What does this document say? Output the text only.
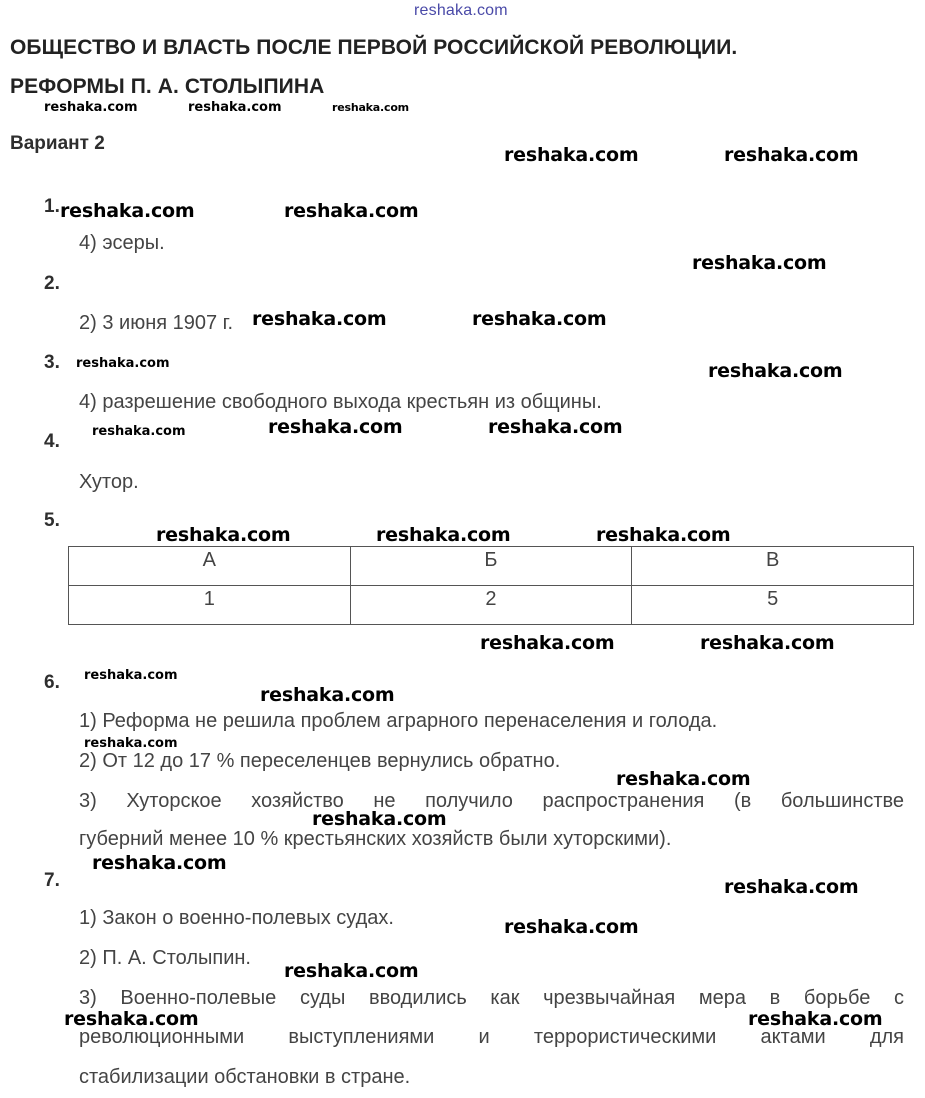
reshaka.com
ОБЩЕСТВО И ВЛАСТЬ ПОСЛЕ ПЕРВОЙ РОССИЙСКОЙ РЕВОЛЮЦИИ.
РЕФОРМЫ П. А. СТОЛЫПИНА
Вариант 2
1.
4) эсеры.
2.
2) 3 июня 1907 г.
3.
4) разрешение свободного выхода крестьян из общины.
4.
Хутор.
5.
А	Б	В
1	2	5
6.
1) Реформа не решила проблем аграрного перенаселения и голода.
2) От 12 до 17 % переселенцев вернулись обратно.
3) Хуторское хозяйство не получило распространения (в большинстве
губерний менее 10 % крестьянских хозяйств были хуторскими).
7.
1) Закон о военно-полевых судах.
2) П. А. Столыпин.
3) Военно-полевые суды вводились как чрезвычайная мера в борьбе с
революционными выступлениями и террористическими актами для
стабилизации обстановки в стране.
reshaka.com	reshaka.com	reshaka.com
reshaka.com	reshaka.com
reshaka.com	reshaka.com
reshaka.com
reshaka.com	reshaka.com
reshaka.com	reshaka.com
reshaka.com	reshaka.com	reshaka.com
reshaka.com	reshaka.com	reshaka.com
reshaka.com	reshaka.com
reshaka.com
reshaka.com
reshaka.com
reshaka.com
reshaka.com
reshaka.com
reshaka.com
reshaka.com
reshaka.com
reshaka.com	reshaka.com
